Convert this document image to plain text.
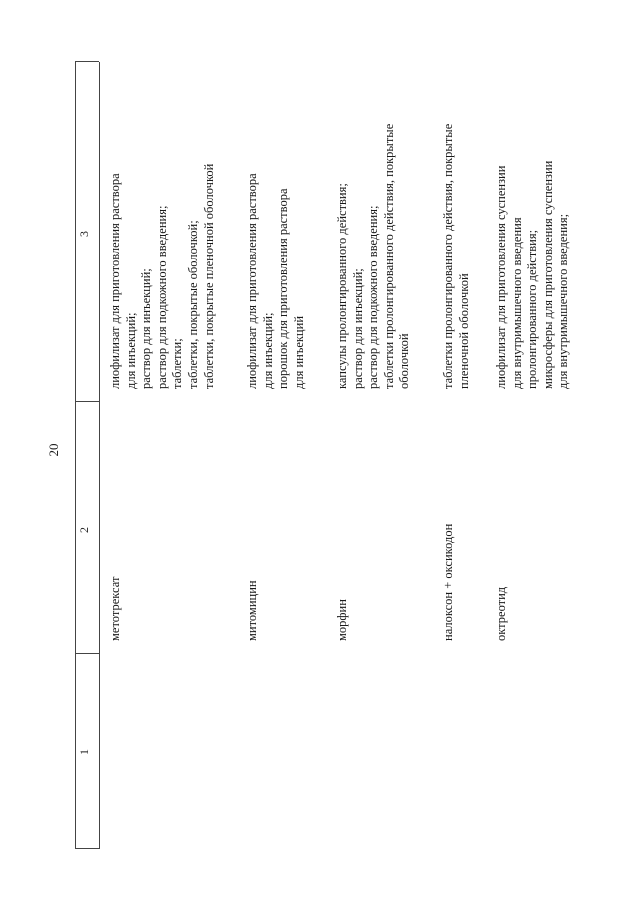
20
1
2
3
метотрексат
лиофилизат для приготовления раствора для инъекций; раствор для инъекций; раствор для подкожного введения; таблетки; таблетки, покрытые оболочкой; таблетки, покрытые пленочной оболочкой
митомицин
лиофилизат для приготовления раствора для инъекций; порошок для приготовления раствора для инъекций
морфин
капсулы пролонгированного действия; раствор для инъекций; раствор для подкожного введения; таблетки пролонгированного действия, покрытые оболочкой
налоксон + оксикодон
таблетки пролонгированного действия, покрытые пленочной оболочкой
октреотид
лиофилизат для приготовления суспензии для внутримышечного введения пролонгированного действия; микросферы для приготовления суспензии для внутримышечного введения;
